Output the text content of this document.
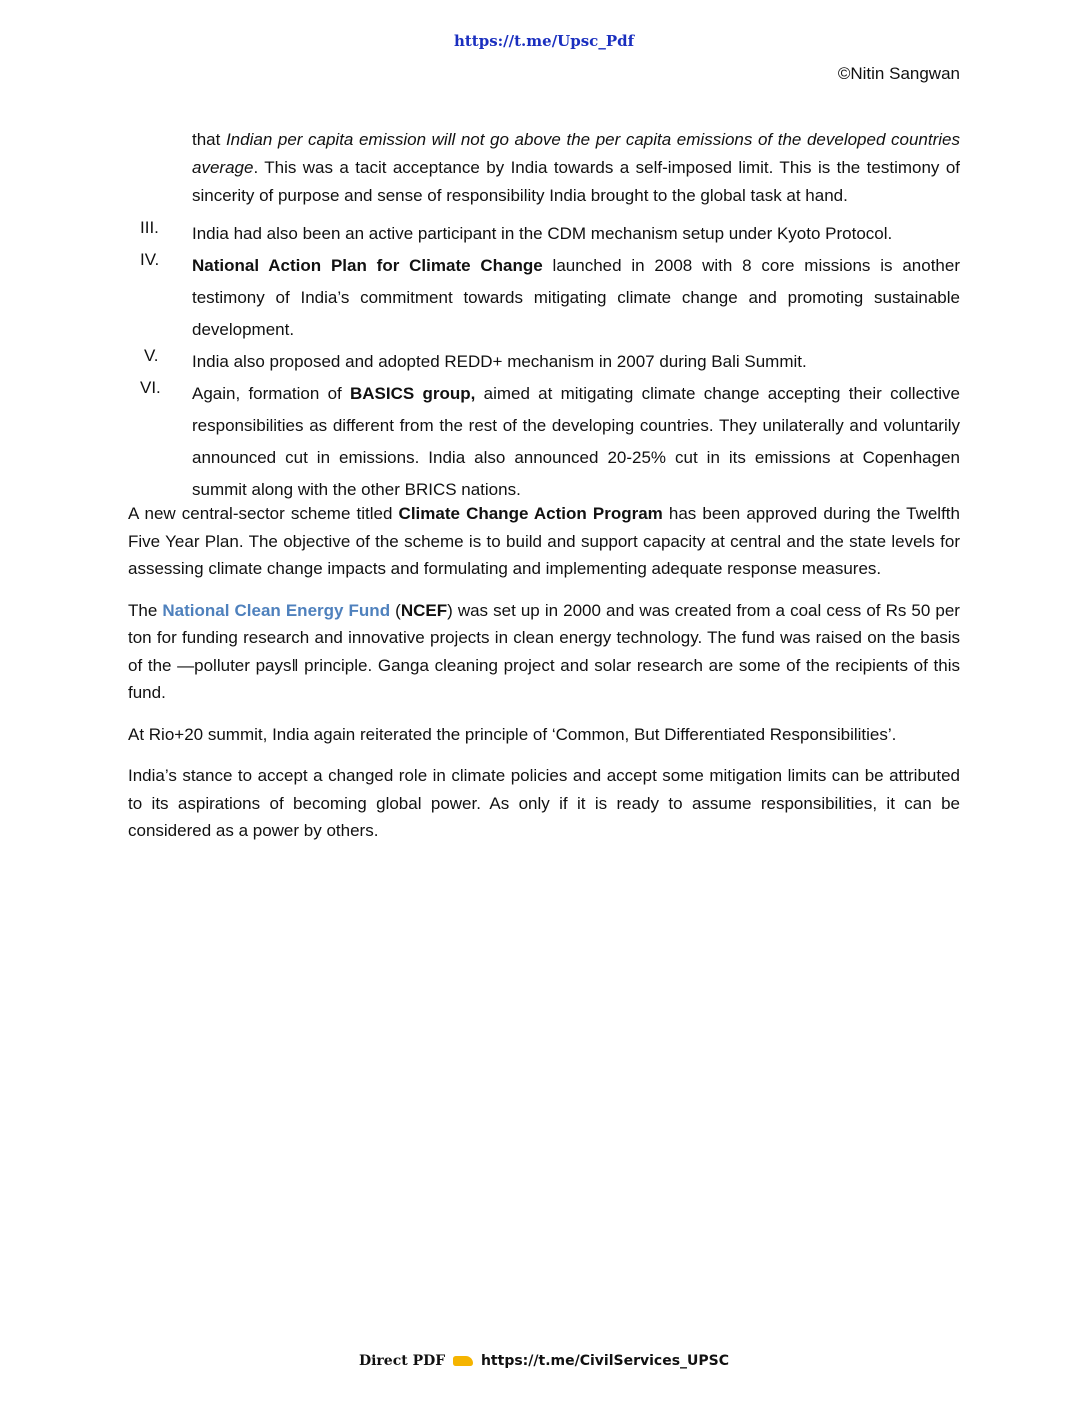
https://t.me/Upsc_Pdf
©Nitin Sangwan
that Indian per capita emission will not go above the per capita emissions of the developed countries average. This was a tacit acceptance by India towards a self-imposed limit. This is the testimony of sincerity of purpose and sense of responsibility India brought to the global task at hand.
III.	India had also been an active participant in the CDM mechanism setup under Kyoto Protocol.
IV.	National Action Plan for Climate Change launched in 2008 with 8 core missions is another testimony of India’s commitment towards mitigating climate change and promoting sustainable development.
V.	India also proposed and adopted REDD+ mechanism in 2007 during Bali Summit.
VI.	Again, formation of BASICS group, aimed at mitigating climate change accepting their collective responsibilities as different from the rest of the developing countries. They unilaterally and voluntarily announced cut in emissions. India also announced 20-25% cut in its emissions at Copenhagen summit along with the other BRICS nations.

A new central-sector scheme titled Climate Change Action Program has been approved during the Twelfth Five Year Plan. The objective of the scheme is to build and support capacity at central and the state levels for assessing climate change impacts and formulating and implementing adequate response measures.

The National Clean Energy Fund (NCEF) was set up in 2000 and was created from a coal cess of Rs 50 per ton for funding research and innovative projects in clean energy technology. The fund was raised on the basis of the ―polluter pays‖ principle. Ganga cleaning project and solar research are some of the recipients of this fund.

At Rio+20 summit, India again reiterated the principle of ‘Common, But Differentiated Responsibilities’.

India’s stance to accept a changed role in climate policies and accept some mitigation limits can be attributed to its aspirations of becoming global power. As only if it is ready to assume responsibilities, it can be considered as a power by others.

Direct PDF	https://t.me/CivilServices_UPSC
